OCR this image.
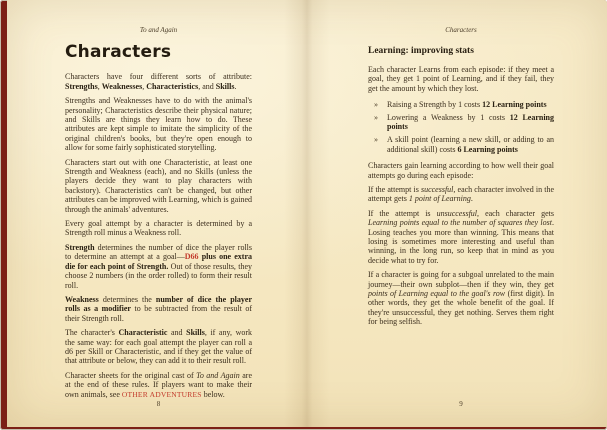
To and Again
Characters

Characters have four different sorts of attribute: Strengths, Weaknesses, Characteristics, and Skills.

Strengths and Weaknesses have to do with the animal's personality; Characteristics describe their physical nature; and Skills are things they learn how to do. These attributes are kept simple to imitate the simplicity of the original children's books, but they're open enough to allow for some fairly sophisticated storytelling.

Characters start out with one Characteristic, at least one Strength and Weakness (each), and no Skills (unless the players decide they want to play characters with backstory). Characteristics can't be changed, but other attributes can be improved with Learning, which is gained through the animals' adventures.

Every goal attempt by a character is determined by a Strength roll minus a Weakness roll.

Strength determines the number of dice the player rolls to determine an attempt at a goal—D66 plus one extra die for each point of Strength. Out of those results, they choose 2 numbers (in the order rolled) to form their result roll.

Weakness determines the number of dice the player rolls as a modifier to be subtracted from the result of their Strength roll.

The character's Characteristic and Skills, if any, work the same way: for each goal attempt the player can roll a d6 per Skill or Characteristic, and if they get the value of that attribute or below, they can add it to their result roll.

Character sheets for the original cast of To and Again are at the end of these rules. If players want to make their own animals, see OTHER ADVENTURES below.

8
Characters
Learning: improving stats

Each character Learns from each episode: if they meet a goal, they get 1 point of Learning, and if they fail, they get the amount by which they lost.

» Raising a Strength by 1 costs 12 Learning points
» Lowering a Weakness by 1 costs 12 Learning points
» A skill point (learning a new skill, or adding to an additional skill) costs 6 Learning points

Characters gain learning according to how well their goal attempts go during each episode:

If the attempt is successful, each character involved in the attempt gets 1 point of Learning.

If the attempt is unsuccessful, each character gets Learning points equal to the number of squares they lost. Losing teaches you more than winning. This means that losing is sometimes more interesting and useful than winning, in the long run, so keep that in mind as you decide what to try for.

If a character is going for a subgoal unrelated to the main journey—their own subplot—then if they win, they get points of Learning equal to the goal's row (first digit). In other words, they get the whole benefit of the goal. If they're unsuccessful, they get nothing. Serves them right for being selfish.

9
